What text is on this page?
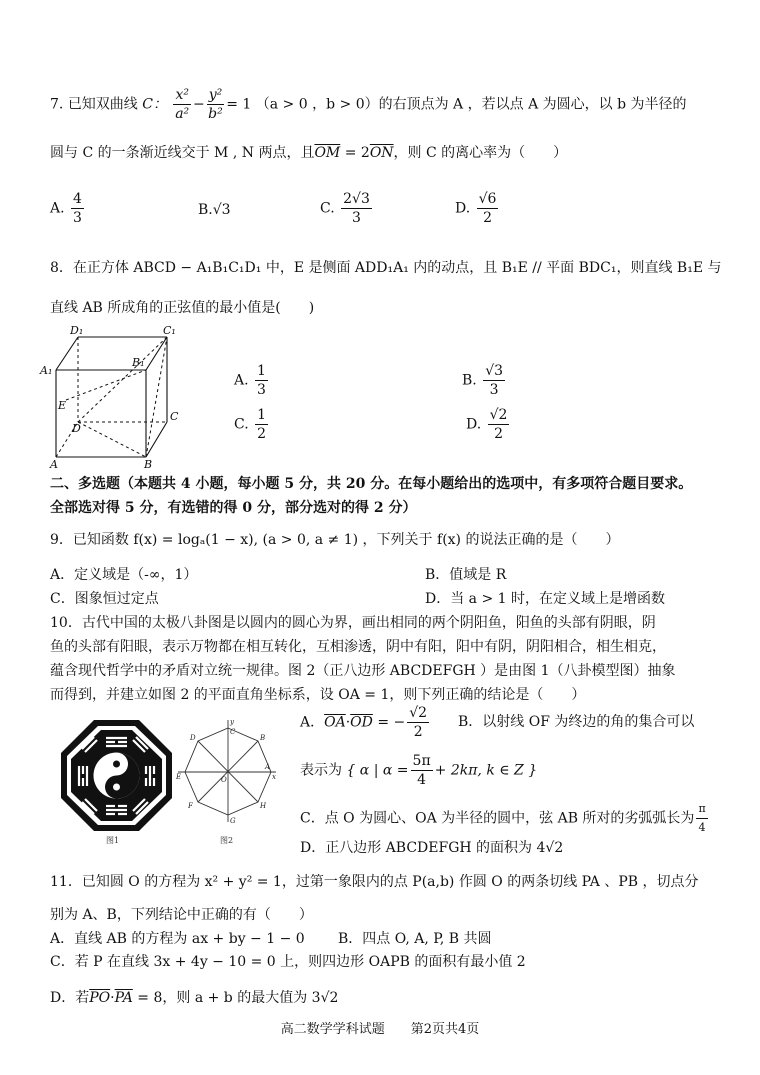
7. 已知双曲线 C： $\frac{\text{x²}}{\text{a²}} - \frac{\text{y²}}{\text{b²}} = 1$ （a > 0 ，b > 0）的右顶点为 A ，若以点 A 为圆心，以 b 为半径的
圆与 C 的一条渐近线交于 M , N 两点，且$\overline{OM} = 2\overline{ON}$，则 C 的离心率为（　　）
A. $\frac{4}{3}$	B.√3	C. $\frac{2√3}{3}$	D. $\frac{√6}{2}$
8．在正方体 ABCD − A₁B₁C₁D₁ 中，E 是侧面 ADD₁A₁ 内的动点，且 B₁E // 平面 BDC₁，则直线 B₁E 与
直线 AB 所成角的正弦值的最小值是(　　)
D₁	C₁
A₁
B₁
E
D
C
A	B
A. $\frac{1}{3}$	B. $\frac{√3}{3}$
C. $\frac{1}{2}$	D. $\frac{√2}{2}$
二、多选题（本题共 4 小题，每小题 5 分，共 20 分。在每小题给出的选项中，有多项符合题目要求。
全部选对得 5 分，有选错的得 0 分，部分选对的得 2 分）
9．已知函数 f(x) = logₐ(1 − x), (a > 0, a ≠ 1) ，下列关于 f(x) 的说法正确的是（　　）
A．定义域是（-∞，1）	B．值域是 R
C．图象恒过定点	D．当 a > 1 时，在定义域上是增函数
10．古代中国的太极八卦图是以圆内的圆心为界，画出相同的两个阴阳鱼，阳鱼的头部有阴眼，阴
鱼的头部有阳眼，表示万物都在相互转化，互相渗透，阴中有阳，阳中有阴，阴阳相合，相生相克，
蕴含现代哲学中的矛盾对立统一规律。图 2（正八边形 ABCDEFGH ）是由图 1（八卦模型图）抽象
而得到，并建立如图 2 的平面直角坐标系，设 OA = 1，则下列正确的结论是（　　）
图1
y
B
C
D
A
x
E	O
H
F
G
图2
A．$\overline{OA}\cdot\overline{OD}$ = − $\frac{√2}{2}$ B．以射线 OF 为终边的角的集合可以
表示为 { α | $\alpha = \frac{5\pi}{4} + 2k\pi$, k ∈ Z }
C．点 O 为圆心、OA 为半径的圆中，弦 AB 所对的劣弧弧长为 $\frac{\pi}{4}$
D．正八边形 ABCDEFGH 的面积为 4√2
11．已知圆 O 的方程为 x² + y² = 1，过第一象限内的点 P(a,b) 作圆 O 的两条切线 PA 、PB ，切点分
别为 A、B，下列结论中正确的有（　　）
A．直线 AB 的方程为 ax + by − 1 − 0 B．四点 O, A, P, B 共圆
C．若 P 在直线 3x + 4y − 10 = 0 上，则四边形 OAPB 的面积有最小值 2
D．若$\overline{PO}\cdot\overline{PA} = 8$，则 a + b 的最大值为 3√2
高二数学学科试题　　第2页共4页
